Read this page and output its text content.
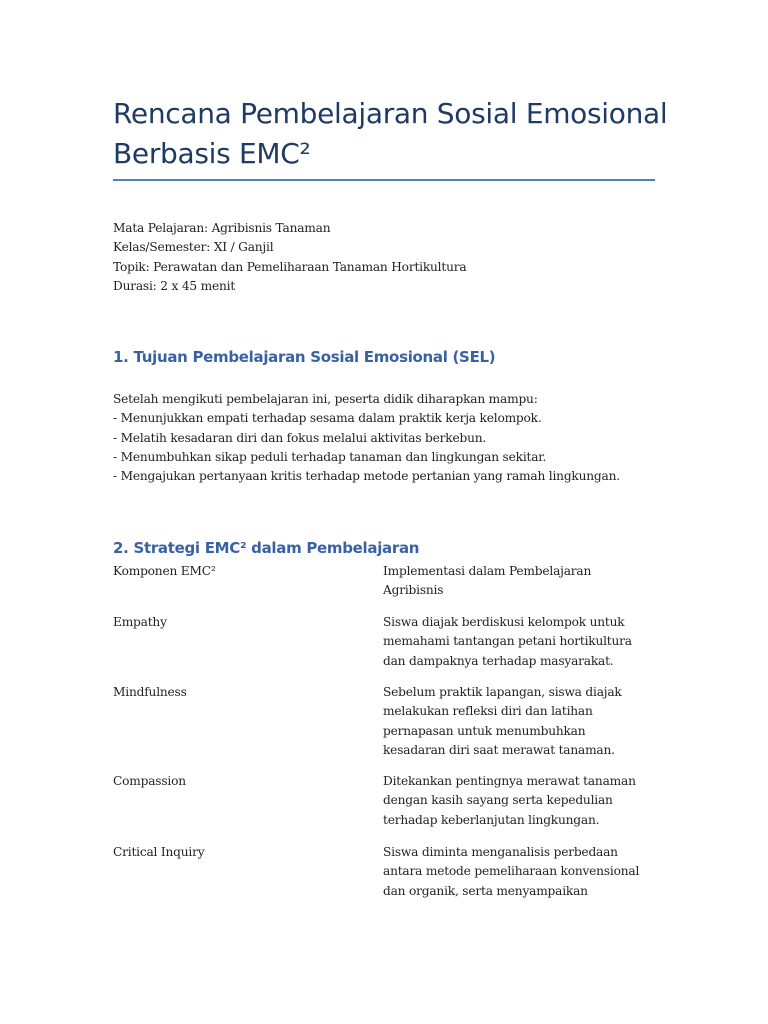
Rencana Pembelajaran Sosial Emosional
Berbasis EMC²
Mata Pelajaran: Agribisnis Tanaman
Kelas/Semester: XI / Ganjil
Topik: Perawatan dan Pemeliharaan Tanaman Hortikultura
Durasi: 2 x 45 menit
1. Tujuan Pembelajaran Sosial Emosional (SEL)
Setelah mengikuti pembelajaran ini, peserta didik diharapkan mampu:
- Menunjukkan empati terhadap sesama dalam praktik kerja kelompok.
- Melatih kesadaran diri dan fokus melalui aktivitas berkebun.
- Menumbuhkan sikap peduli terhadap tanaman dan lingkungan sekitar.
- Mengajukan pertanyaan kritis terhadap metode pertanian yang ramah lingkungan.
2. Strategi EMC² dalam Pembelajaran
Komponen EMC²	Implementasi dalam Pembelajaran
Agribisnis
Empathy	Siswa diajak berdiskusi kelompok untuk
memahami tantangan petani hortikultura
dan dampaknya terhadap masyarakat.
Mindfulness	Sebelum praktik lapangan, siswa diajak
melakukan refleksi diri dan latihan
pernapasan untuk menumbuhkan
kesadaran diri saat merawat tanaman.
Compassion	Ditekankan pentingnya merawat tanaman
dengan kasih sayang serta kepedulian
terhadap keberlanjutan lingkungan.
Critical Inquiry	Siswa diminta menganalisis perbedaan
antara metode pemeliharaan konvensional
dan organik, serta menyampaikan
